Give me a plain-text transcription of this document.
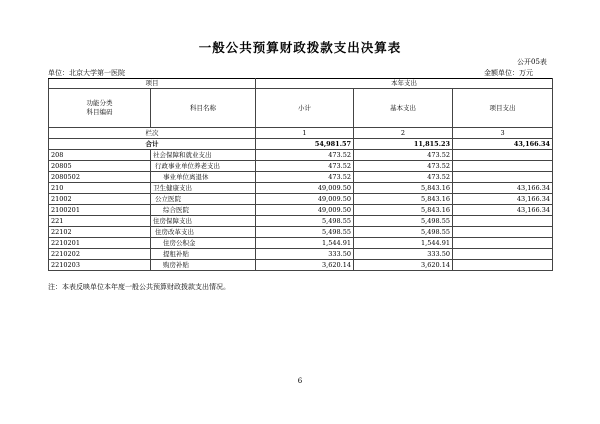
一般公共预算财政拨款支出决算表
公开05表
单位：北京大学第一医院	金额单位：万元
项目		本年支出		

功能分类
科目编码	科目名称	小计	基本支出	项目支出
栏次		1	2	3
合计		54,981.57	11,815.23	43,166.34
208	社会保障和就业支出	473.52	473.52	
20805	行政事业单位养老支出	473.52	473.52	
2080502	事业单位离退休	473.52	473.52	
210	卫生健康支出	49,009.50	5,843.16	43,166.34
21002	公立医院	49,009.50	5,843.16	43,166.34
2100201	综合医院	49,009.50	5,843.16	43,166.34
221	住房保障支出	5,498.55	5,498.55	
22102	住房改革支出	5,498.55	5,498.55	
2210201	住房公积金	1,544.91	1,544.91	
2210202	提租补贴	333.50	333.50	
2210203	购房补贴	3,620.14	3,620.14	
注：本表反映单位本年度一般公共预算财政拨款支出情况。
6
